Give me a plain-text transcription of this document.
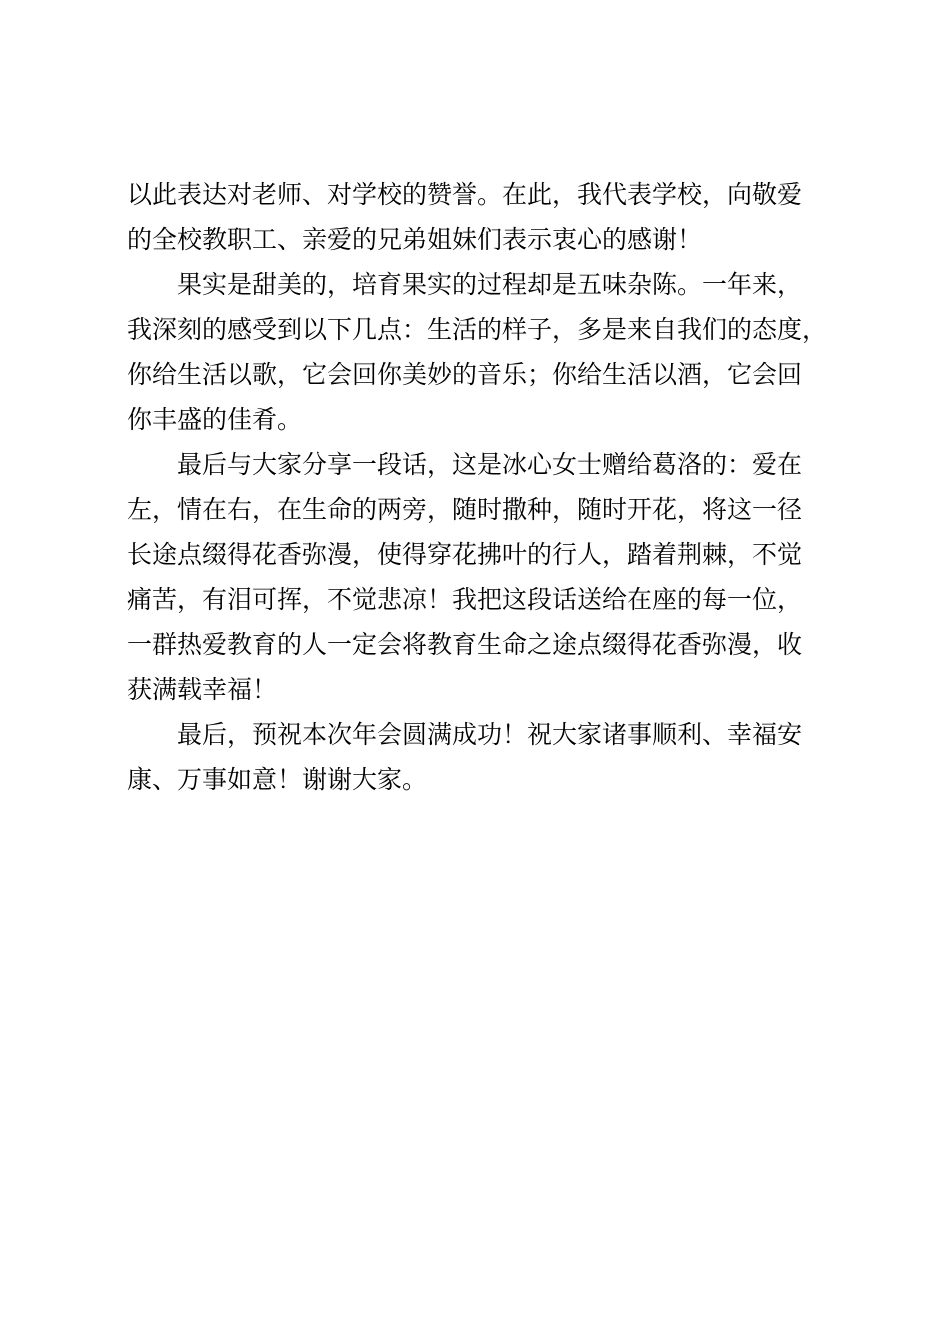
以此表达对老师、对学校的赞誉。在此，我代表学校，向敬爱
的全校教职工、亲爱的兄弟姐妹们表示衷心的感谢！
　　果实是甜美的，培育果实的过程却是五味杂陈。一年来，
我深刻的感受到以下几点：生活的样子，多是来自我们的态度，
你给生活以歌，它会回你美妙的音乐；你给生活以酒，它会回
你丰盛的佳肴。
　　最后与大家分享一段话，这是冰心女士赠给葛洛的：爱在
左，情在右，在生命的两旁，随时撒种，随时开花，将这一径
长途点缀得花香弥漫，使得穿花拂叶的行人，踏着荆棘，不觉
痛苦，有泪可挥，不觉悲凉！我把这段话送给在座的每一位，
一群热爱教育的人一定会将教育生命之途点缀得花香弥漫，收
获满载幸福！
　　最后，预祝本次年会圆满成功！祝大家诸事顺利、幸福安
康、万事如意！谢谢大家。
